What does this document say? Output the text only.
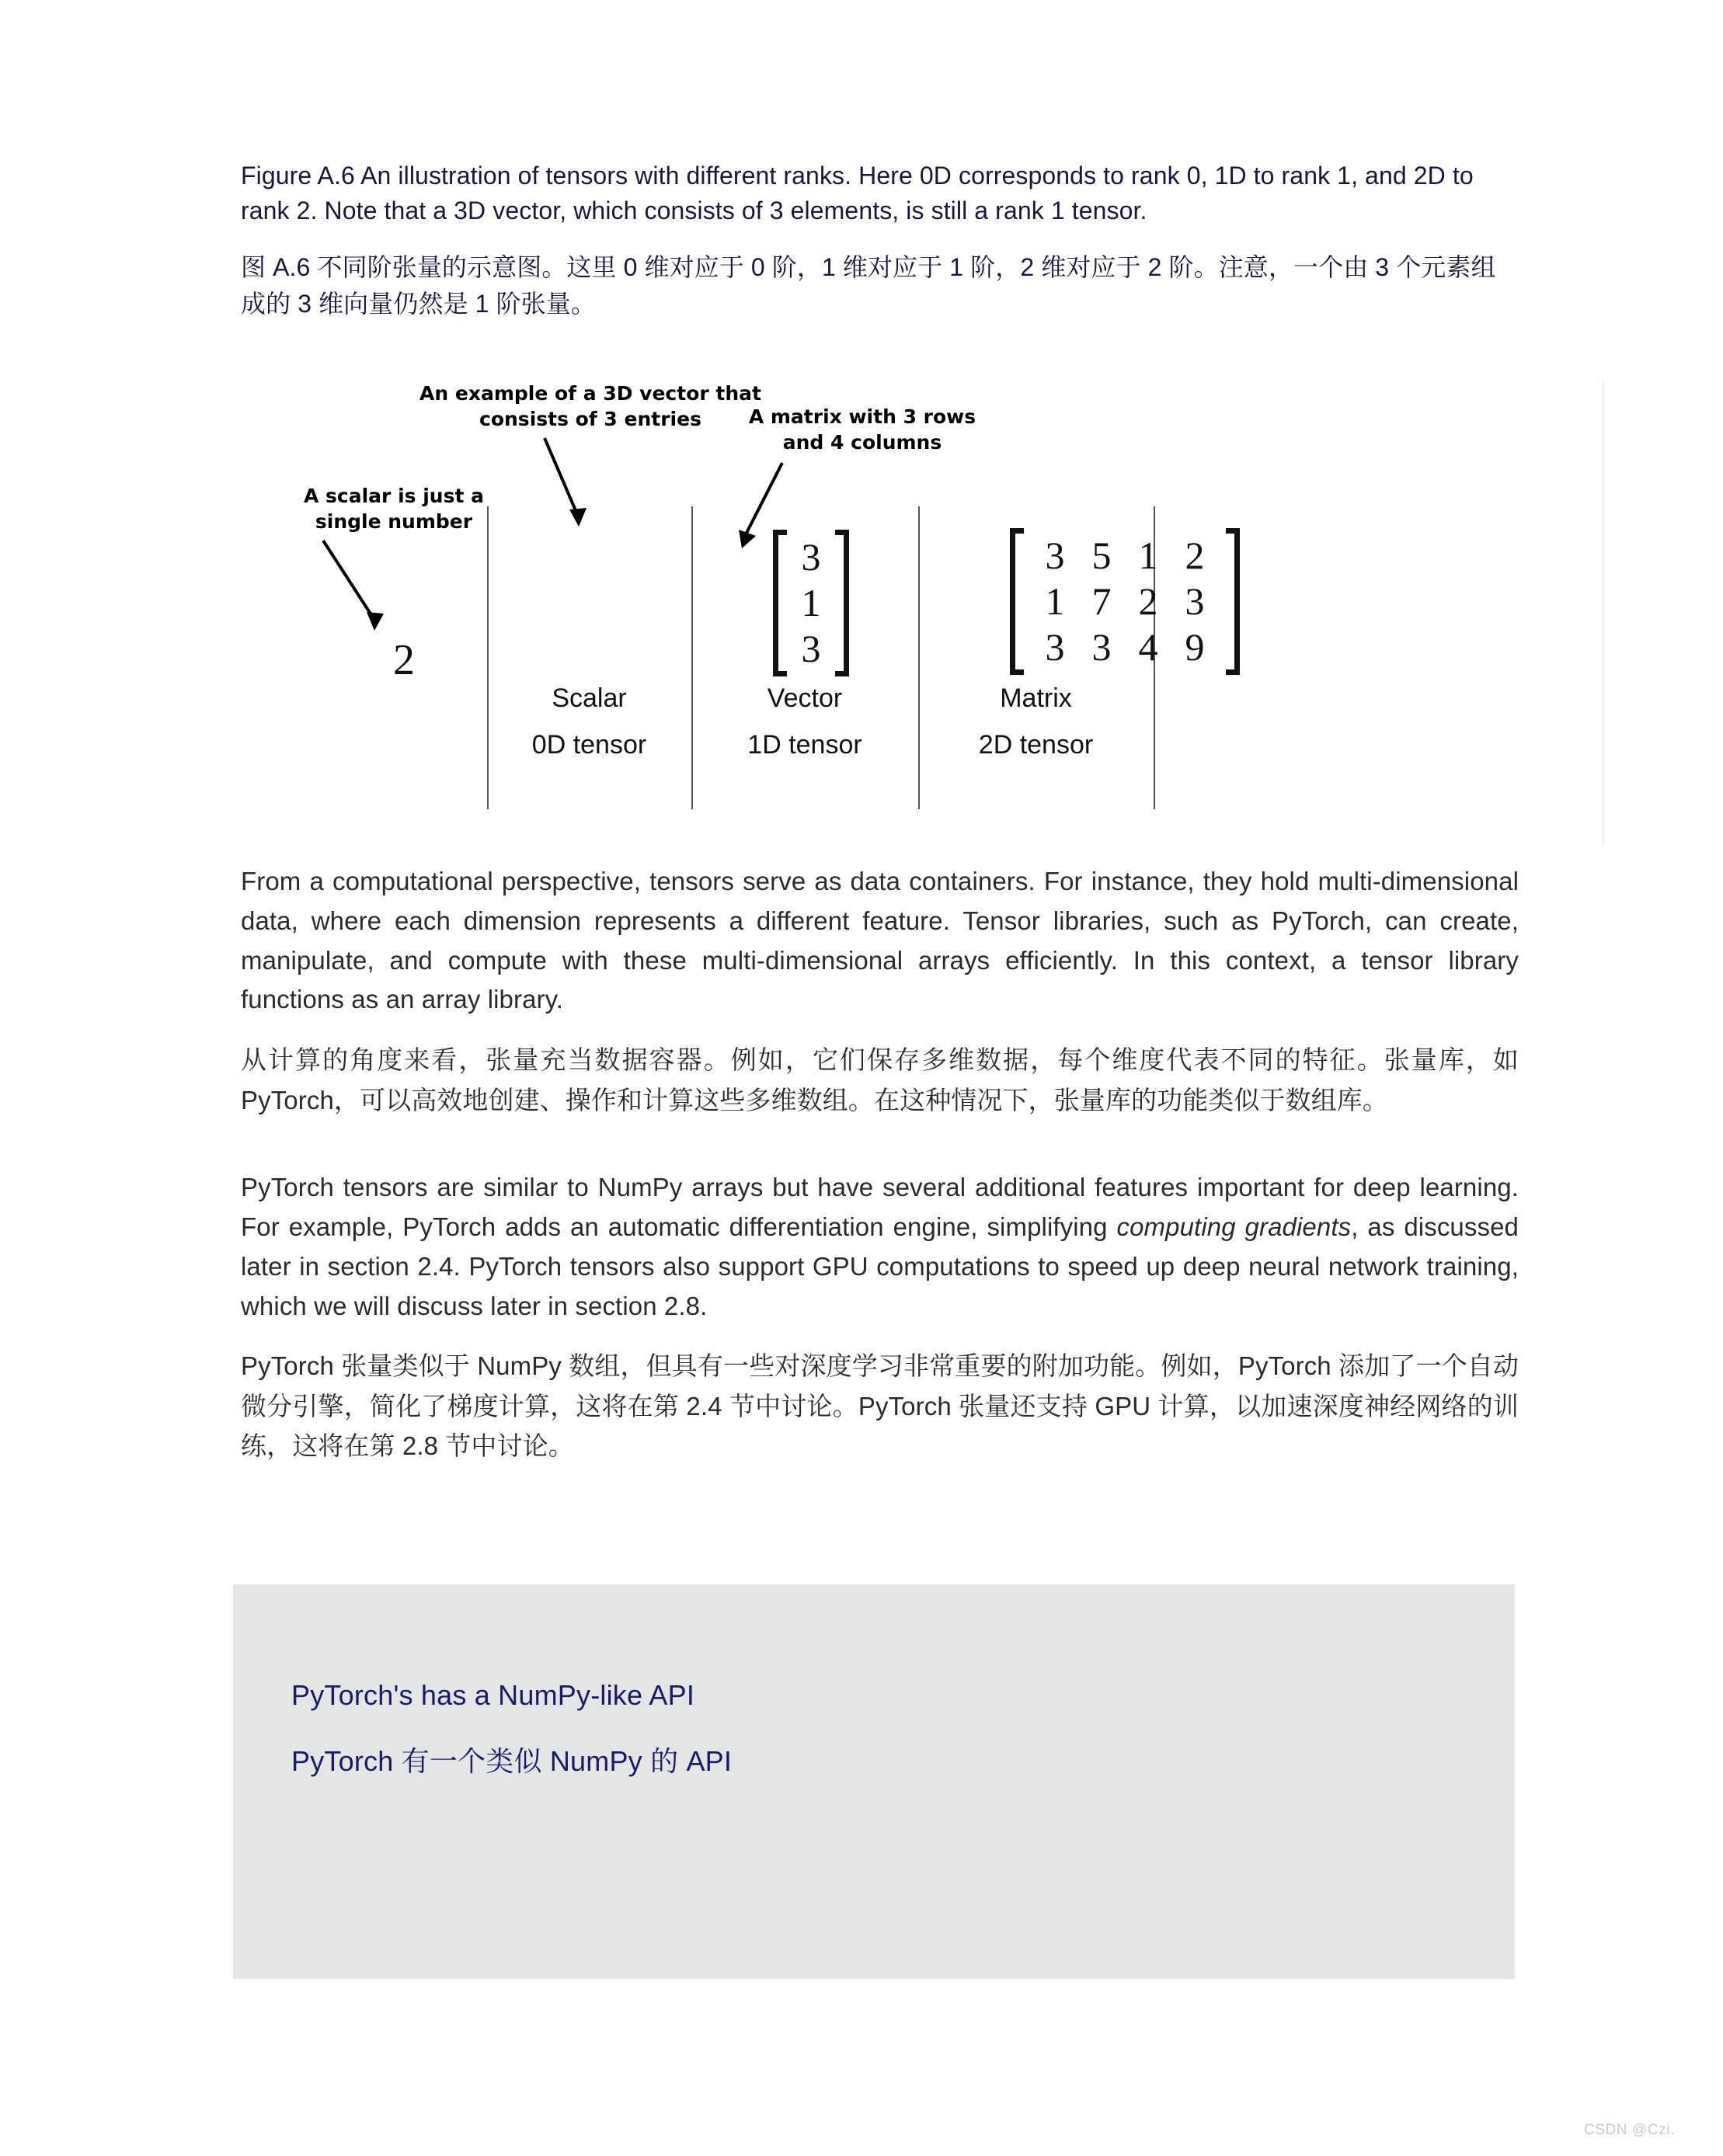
Figure A.6 An illustration of tensors with different ranks. Here 0D corresponds to rank 0, 1D to rank 1, and 2D to rank 2. Note that a 3D vector, which consists of 3 elements, is still a rank 1 tensor.

图 A.6 不同阶张量的示意图。这里 0 维对应于 0 阶，1 维对应于 1 阶，2 维对应于 2 阶。注意，一个由 3 个元素组成的 3 维向量仍然是 1 阶张量。

A scalar is just a
single number
2
An example of a 3D vector that
consists of 3 entries
3
1
3
A matrix with 3 rows
and 4 columns
3 5 1 2
1 7 2 3
3 3 4 9
Scalar
0D tensor
Vector
1D tensor
Matrix
2D tensor

From a computational perspective, tensors serve as data containers. For instance, they hold multi-dimensional data, where each dimension represents a different feature. Tensor libraries, such as PyTorch, can create, manipulate, and compute with these multi-dimensional arrays efficiently. In this context, a tensor library functions as an array library.

从计算的角度来看，张量充当数据容器。例如，它们保存多维数据，每个维度代表不同的特征。张量库，如 PyTorch，可以高效地创建、操作和计算这些多维数组。在这种情况下，张量库的功能类似于数组库。

PyTorch tensors are similar to NumPy arrays but have several additional features important for deep learning. For example, PyTorch adds an automatic differentiation engine, simplifying computing gradients, as discussed later in section 2.4. PyTorch tensors also support GPU computations to speed up deep neural network training, which we will discuss later in section 2.8.

PyTorch 张量类似于 NumPy 数组，但具有一些对深度学习非常重要的附加功能。例如，PyTorch 添加了一个自动微分引擎，简化了梯度计算，这将在第 2.4 节中讨论。PyTorch 张量还支持 GPU 计算，以加速深度神经网络的训练，这将在第 2.8 节中讨论。

PyTorch's has a NumPy-like API
PyTorch 有一个类似 NumPy 的 API
CSDN @Czi.
